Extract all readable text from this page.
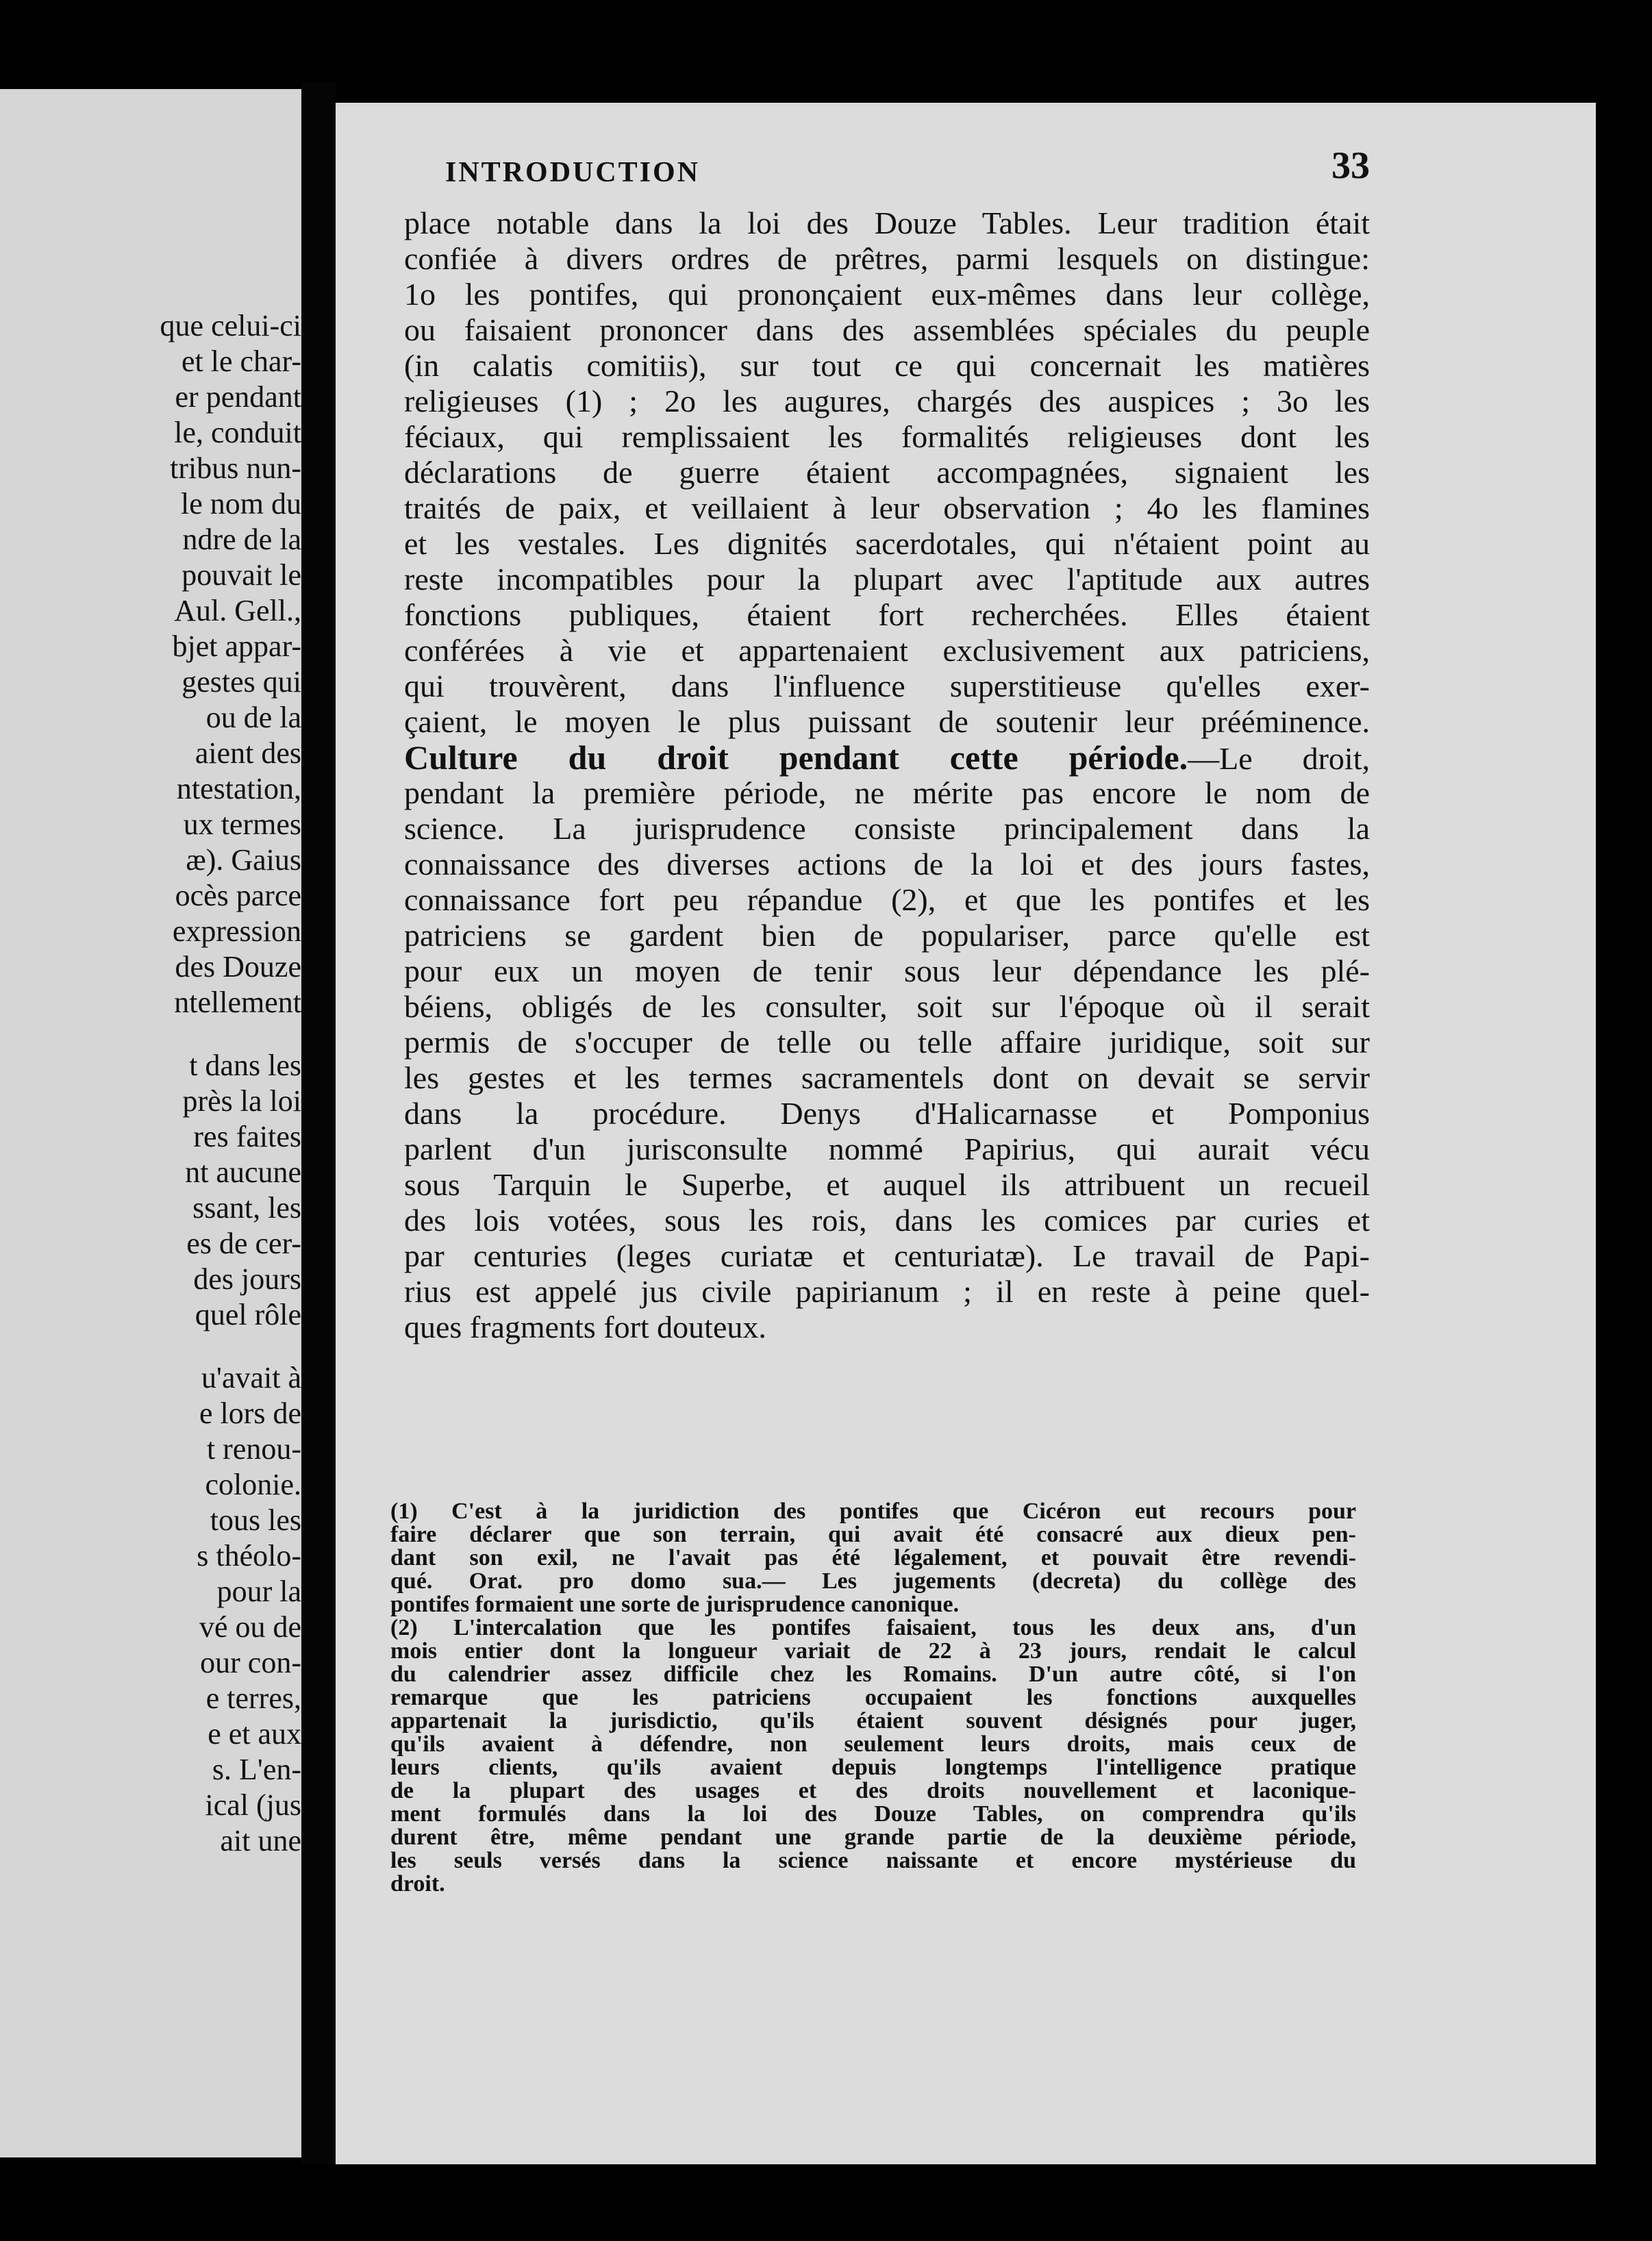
que celui-ci
et le char-
er pendant
le, conduit
tribus nun-
le nom du
ndre de la
pouvait le
Aul. Gell.,
bjet appar-
gestes qui
ou de la
aient des
ntestation,
ux termes
æ). Gaius
ocès parce
expression
des Douze
ntellement
t dans les
près la loi
res faites
nt aucune
ssant, les
es de cer-
des jours
quel rôle
u'avait à
e lors de
t renou-
colonie.
tous les
s théolo-
pour la
vé ou de
our con-
e terres,
e et aux
s. L'en-
ical (jus
ait une
INTRODUCTION	33
place notable dans la loi des Douze Tables. Leur tradition était
confiée à divers ordres de prêtres, parmi lesquels on distingue:
1o les pontifes, qui prononçaient eux-mêmes dans leur collège,
ou faisaient prononcer dans des assemblées spéciales du peuple
(in calatis comitiis), sur tout ce qui concernait les matières
religieuses (1) ; 2o les augures, chargés des auspices ; 3o les
féciaux, qui remplissaient les formalités religieuses dont les
déclarations de guerre étaient accompagnées, signaient les
traités de paix, et veillaient à leur observation ; 4o les flamines
et les vestales. Les dignités sacerdotales, qui n'étaient point au
reste incompatibles pour la plupart avec l'aptitude aux autres
fonctions publiques, étaient fort recherchées. Elles étaient
conférées à vie et appartenaient exclusivement aux patriciens,
qui trouvèrent, dans l'influence superstitieuse qu'elles exer-
çaient, le moyen le plus puissant de soutenir leur prééminence.
Culture du droit pendant cette période.—Le droit,
pendant la première période, ne mérite pas encore le nom de
science. La jurisprudence consiste principalement dans la
connaissance des diverses actions de la loi et des jours fastes,
connaissance fort peu répandue (2), et que les pontifes et les
patriciens se gardent bien de populariser, parce qu'elle est
pour eux un moyen de tenir sous leur dépendance les plé-
béiens, obligés de les consulter, soit sur l'époque où il serait
permis de s'occuper de telle ou telle affaire juridique, soit sur
les gestes et les termes sacramentels dont on devait se servir
dans la procédure. Denys d'Halicarnasse et Pomponius
parlent d'un jurisconsulte nommé Papirius, qui aurait vécu
sous Tarquin le Superbe, et auquel ils attribuent un recueil
des lois votées, sous les rois, dans les comices par curies et
par centuries (leges curiatæ et centuriatæ). Le travail de Papi-
rius est appelé jus civile papirianum ; il en reste à peine quel-
ques fragments fort douteux.
(1) C'est à la juridiction des pontifes que Cicéron eut recours pour
faire déclarer que son terrain, qui avait été consacré aux dieux pen-
dant son exil, ne l'avait pas été légalement, et pouvait être revendi-
qué. Orat. pro domo sua.— Les jugements (decreta) du collège des
pontifes formaient une sorte de jurisprudence canonique.
(2) L'intercalation que les pontifes faisaient, tous les deux ans, d'un
mois entier dont la longueur variait de 22 à 23 jours, rendait le calcul
du calendrier assez difficile chez les Romains. D'un autre côté, si l'on
remarque que les patriciens occupaient les fonctions auxquelles
appartenait la jurisdictio, qu'ils étaient souvent désignés pour juger,
qu'ils avaient à défendre, non seulement leurs droits, mais ceux de
leurs clients, qu'ils avaient depuis longtemps l'intelligence pratique
de la plupart des usages et des droits nouvellement et laconique-
ment formulés dans la loi des Douze Tables, on comprendra qu'ils
durent être, même pendant une grande partie de la deuxième période,
les seuls versés dans la science naissante et encore mystérieuse du
droit.
